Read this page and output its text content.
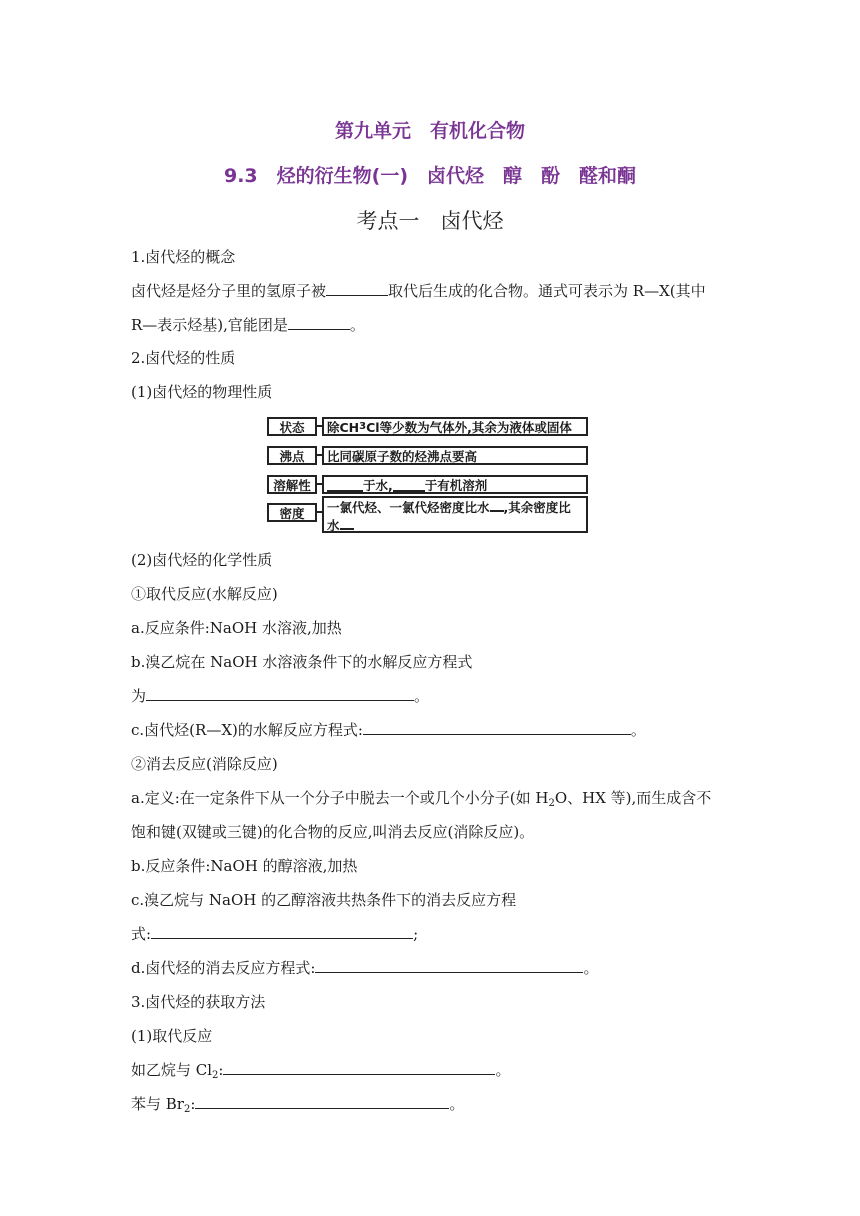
第九单元　有机化合物
9.3　烃的衍生物(一)　卤代烃　醇　酚　醛和酮
考点一　卤代烃
1.卤代烃的概念
卤代烃是烃分子里的氢原子被	取代后生成的化合物。通式可表示为 R—X(其中
R—表示烃基),官能团是	。
2.卤代烃的性质
(1)卤代烃的物理性质
状态	除CH 3 Cl等少数为气体外,其余为液体或固体
沸点	比同碳原子数的烃沸点要高
溶解性	于水,	于有机溶剂
密度	一氯代烃、一氯代烃密度比水 ,其余密度比
水
(2)卤代烃的化学性质
①取代反应(水解反应)
a.反应条件:NaOH 水溶液,加热
b.溴乙烷在 NaOH 水溶液条件下的水解反应方程式
为	。
c.卤代烃(R—X)的水解反应方程式:	。
②消去反应(消除反应)
a.定义:在一定条件下从一个分子中脱去一个或几个小分子(如 $H_2O$、HX 等),而生成含不
饱和键(双键或三键)的化合物的反应,叫消去反应(消除反应)。
b.反应条件:NaOH 的醇溶液,加热
c.溴乙烷与 NaOH 的乙醇溶液共热条件下的消去反应方程
式:	;
d.卤代烃的消去反应方程式:	。
3.卤代烃的获取方法
(1)取代反应
如乙烷与 $Cl_2$:	。
苯与 $Br_2$:	。
